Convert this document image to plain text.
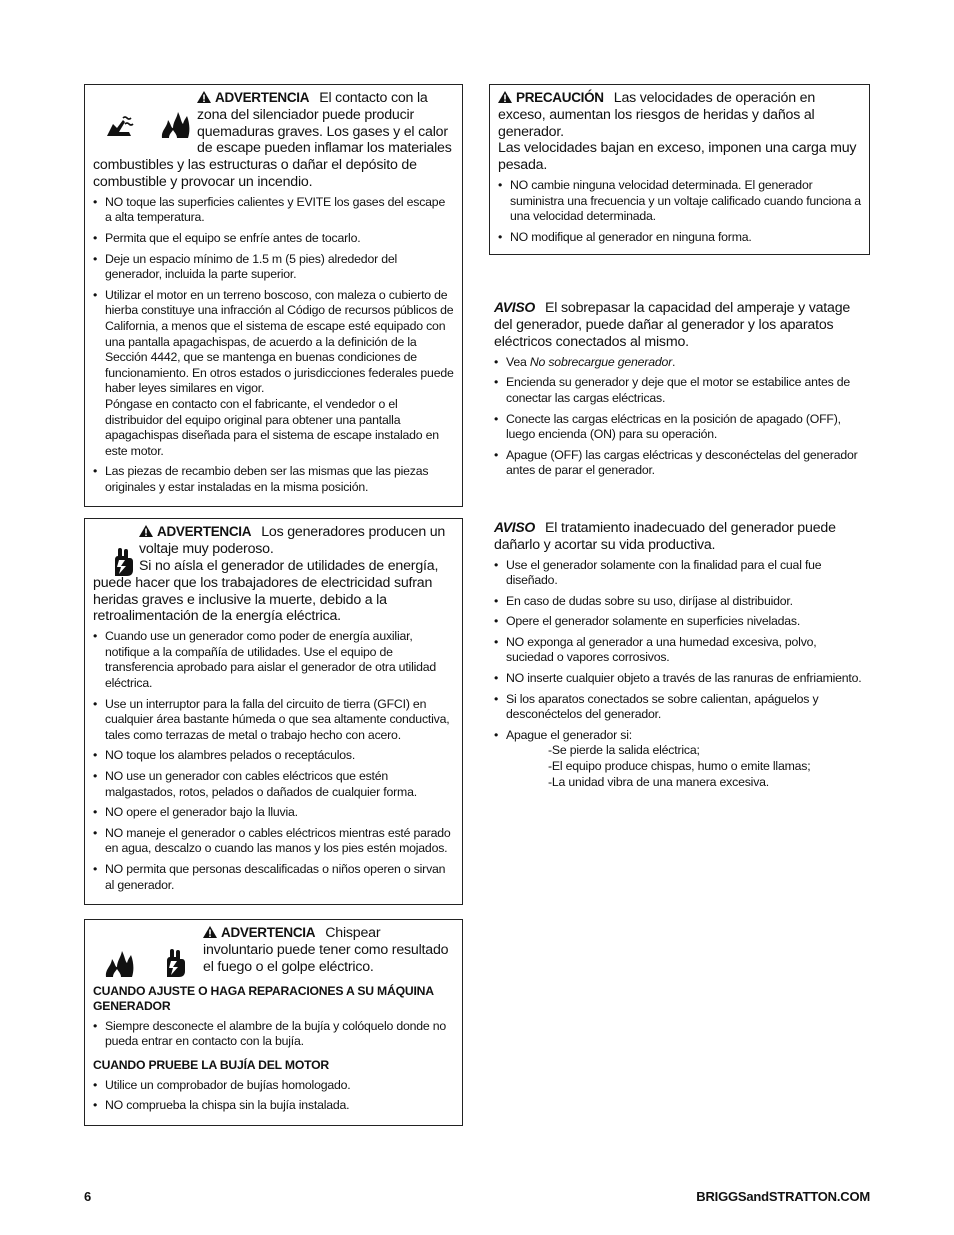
ADVERTENCIA El contacto con la zona del silenciador puede producir quemaduras graves. Los gases y el calor de escape pueden inflamar los materiales combustibles y las estructuras o dañar el depósito de combustible y provocar un incendio.
• NO toque las superficies calientes y EVITE los gases del escape a alta temperatura.
• Permita que el equipo se enfríe antes de tocarlo.
• Deje un espacio mínimo de 1.5 m (5 pies) alrededor del generador, incluida la parte superior.
• Utilizar el motor en un terreno boscoso, con maleza o cubierto de hierba constituye una infracción al Código de recursos públicos de California, a menos que el sistema de escape esté equipado con una pantalla apagachispas, de acuerdo a la definición de la Sección 4442, que se mantenga en buenas condiciones de funcionamiento. En otros estados o jurisdicciones federales puede haber leyes similares en vigor.
Póngase en contacto con el fabricante, el vendedor o el distribuidor del equipo original para obtener una pantalla apagachispas diseñada para el sistema de escape instalado en este motor.
• Las piezas de recambio deben ser las mismas que las piezas originales y estar instaladas en la misma posición.
ADVERTENCIA Los generadores producen un voltaje muy poderoso.
Si no aísla el generador de utilidades de energía, puede hacer que los trabajadores de electricidad sufran heridas graves e inclusive la muerte, debido a la retroalimentación de la energía eléctrica.
• Cuando use un generador como poder de energía auxiliar, notifique a la compañía de utilidades. Use el equipo de transferencia aprobado para aislar el generador de otra utilidad eléctrica.
• Use un interruptor para la falla del circuito de tierra (GFCI) en cualquier área bastante húmeda o que sea altamente conductiva, tales como terrazas de metal o trabajo hecho con acero.
• NO toque los alambres pelados o receptáculos.
• NO use un generador con cables eléctricos que estén malgastados, rotos, pelados o dañados de cualquier forma.
• NO opere el generador bajo la lluvia.
• NO maneje el generador o cables eléctricos mientras esté parado en agua, descalzo o cuando las manos y los pies estén mojados.
• NO permita que personas descalificadas o niños operen o sirvan al generador.

ADVERTENCIA Chispear involuntario puede tener como resultado el fuego o el golpe eléctrico.
CUANDO AJUSTE O HAGA REPARACIONES A SU MÁQUINA GENERADOR
• Siempre desconecte el alambre de la bujía y colóquelo donde no pueda entrar en contacto con la bujía.
CUANDO PRUEBE LA BUJÍA DEL MOTOR
• Utilice un comprobador de bujías homologado.
• NO comprueba la chispa sin la bujía instalada.
PRECAUCIÓN Las velocidades de operación en exceso, aumentan los riesgos de heridas y daños al generador.
Las velocidades bajan en exceso, imponen una carga muy pesada.
• NO cambie ninguna velocidad determinada. El generador suministra una frecuencia y un voltaje calificado cuando funciona a una velocidad determinada.
• NO modifique al generador en ninguna forma.
AVISO El sobrepasar la capacidad del amperaje y vatage del generador, puede dañar al generador y los aparatos eléctricos conectados al mismo.
• Vea No sobrecargue generador.
• Encienda su generador y deje que el motor se estabilice antes de conectar las cargas eléctricas.
• Conecte las cargas eléctricas en la posición de apagado (OFF), luego encienda (ON) para su operación.
• Apague (OFF) las cargas eléctricas y desconéctelas del generador antes de parar el generador.
AVISO El tratamiento inadecuado del generador puede dañarlo y acortar su vida productiva.
• Use el generador solamente con la finalidad para el cual fue diseñado.
• En caso de dudas sobre su uso, diríjase al distribuidor.
• Opere el generador solamente en superficies niveladas.
• NO exponga al generador a una humedad excesiva, polvo, suciedad o vapores corrosivos.
• NO inserte cualquier objeto a través de las ranuras de enfriamiento.
• Si los aparatos conectados se sobre calientan, apáguelos y desconéctelos del generador.
• Apague el generador si:
-Se pierde la salida eléctrica;
-El equipo produce chispas, humo o emite llamas;
-La unidad vibra de una manera excesiva.
6	BRIGGSandSTRATTON.COM
